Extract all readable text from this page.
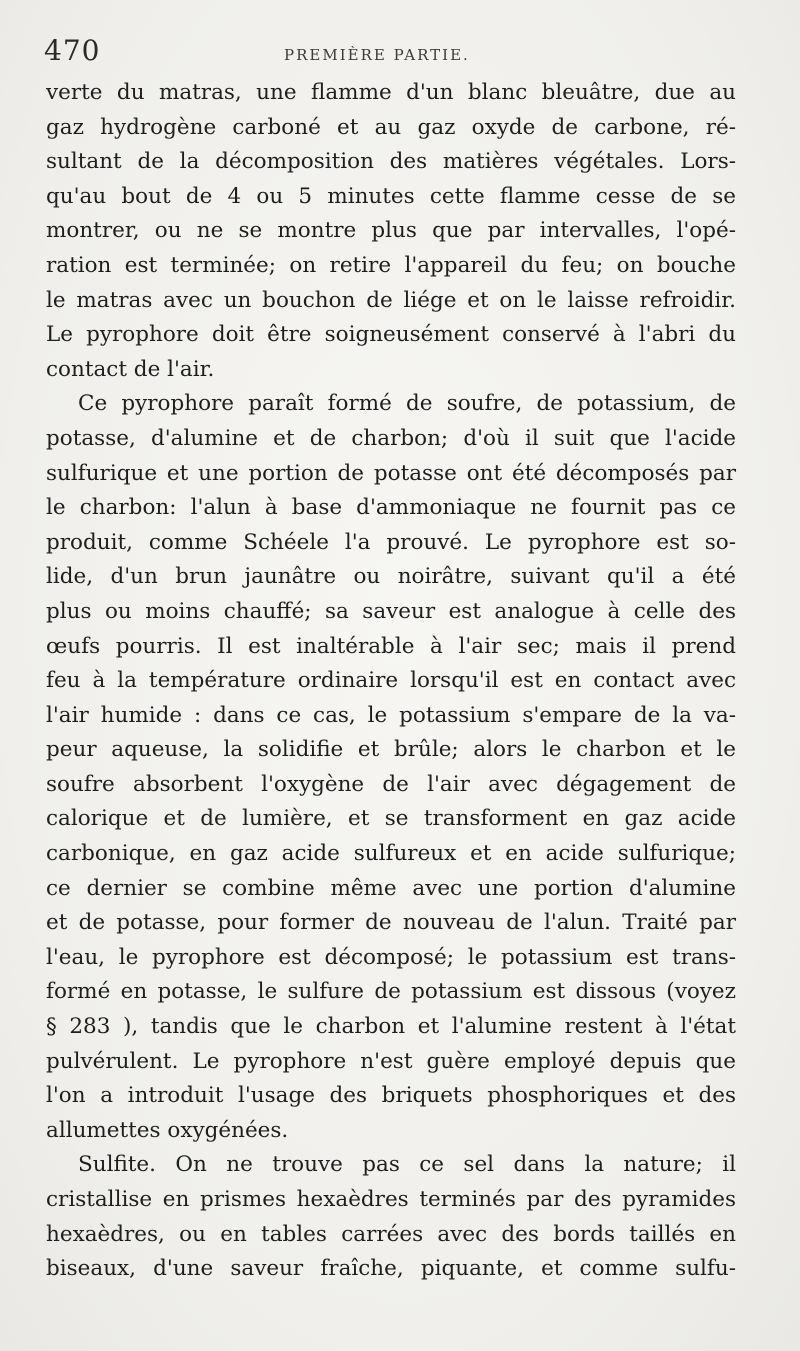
470	PREMIÈRE PARTIE.
verte du matras, une flamme d'un blanc bleuâtre, due au
gaz hydrogène carboné et au gaz oxyde de carbone, ré-
sultant de la décomposition des matières végétales. Lors-
qu'au bout de 4 ou 5 minutes cette flamme cesse de se
montrer, ou ne se montre plus que par intervalles, l'opé-
ration est terminée; on retire l'appareil du feu; on bouche
le matras avec un bouchon de liége et on le laisse refroidir.
Le pyrophore doit être soigneusément conservé à l'abri du
contact de l'air.
Ce pyrophore paraît formé de soufre, de potassium, de
potasse, d'alumine et de charbon; d'où il suit que l'acide
sulfurique et une portion de potasse ont été décomposés par
le charbon: l'alun à base d'ammoniaque ne fournit pas ce
produit, comme Schéele l'a prouvé. Le pyrophore est so-
lide, d'un brun jaunâtre ou noirâtre, suivant qu'il a été
plus ou moins chauffé; sa saveur est analogue à celle des
œufs pourris. Il est inaltérable à l'air sec; mais il prend
feu à la température ordinaire lorsqu'il est en contact avec
l'air humide : dans ce cas, le potassium s'empare de la va-
peur aqueuse, la solidifie et brûle; alors le charbon et le
soufre absorbent l'oxygène de l'air avec dégagement de
calorique et de lumière, et se transforment en gaz acide
carbonique, en gaz acide sulfureux et en acide sulfurique;
ce dernier se combine même avec une portion d'alumine
et de potasse, pour former de nouveau de l'alun. Traité par
l'eau, le pyrophore est décomposé; le potassium est trans-
formé en potasse, le sulfure de potassium est dissous (voyez
§ 283 ), tandis que le charbon et l'alumine restent à l'état
pulvérulent. Le pyrophore n'est guère employé depuis que
l'on a introduit l'usage des briquets phosphoriques et des
allumettes oxygénées.
Sulfite. On ne trouve pas ce sel dans la nature; il
cristallise en prismes hexaèdres terminés par des pyramides
hexaèdres, ou en tables carrées avec des bords taillés en
biseaux, d'une saveur fraîche, piquante, et comme sulfu-
